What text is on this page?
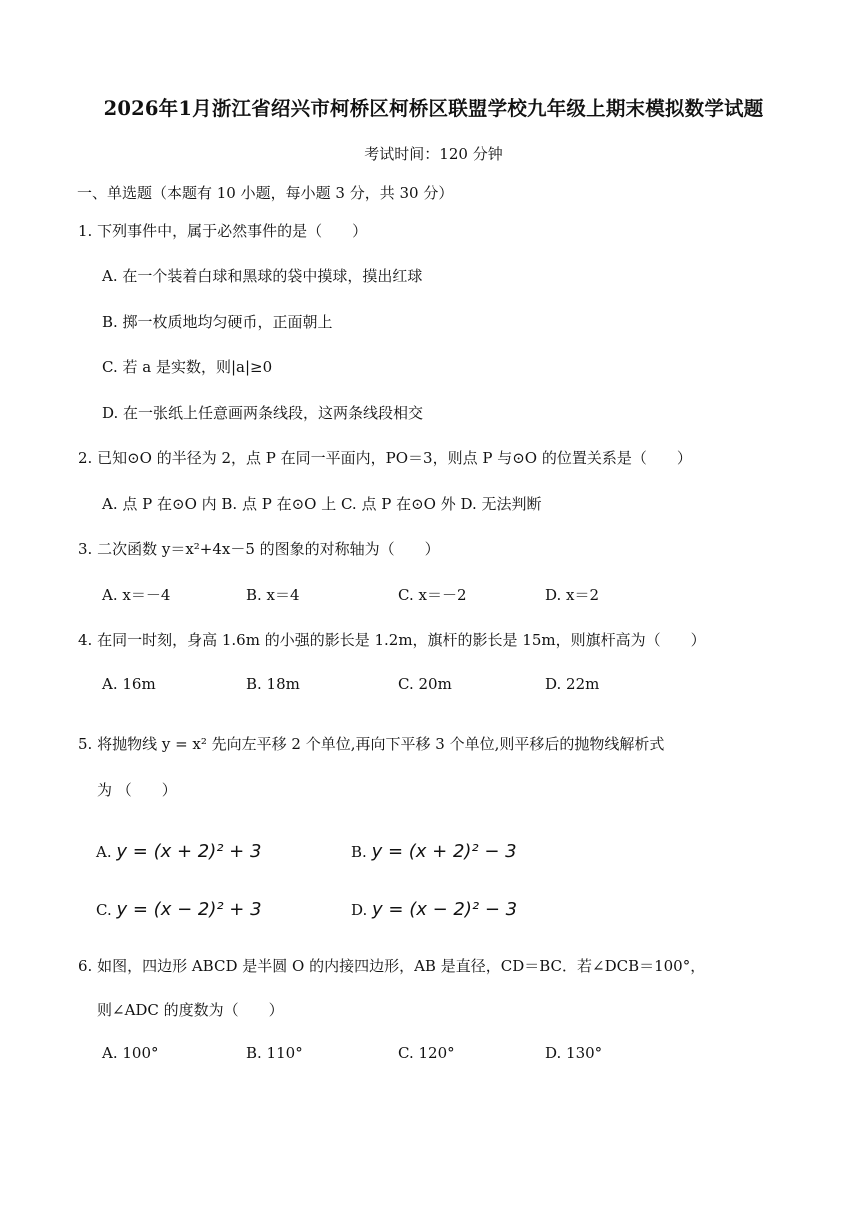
2026年1月浙江省绍兴市柯桥区柯桥区联盟学校九年级上期末模拟数学试题
考试时间：120 分钟
一、单选题（本题有 10 小题，每小题 3 分，共 30 分）
1. 下列事件中，属于必然事件的是（　　）
A. 在一个装着白球和黑球的袋中摸球，摸出红球
B. 掷一枚质地均匀硬币，正面朝上
C. 若 a 是实数，则|a|≥0
D. 在一张纸上任意画两条线段，这两条线段相交
2. 已知⊙O 的半径为 2，点 P 在同一平面内，PO＝3，则点 P 与⊙O 的位置关系是（　　）
A. 点 P 在⊙O 内 B. 点 P 在⊙O 上 C. 点 P 在⊙O 外 D. 无法判断
3. 二次函数 y＝x²+4x－5 的图象的对称轴为（　　）
A. x＝－4	B. x＝4	C. x＝－2	D. x＝2
4. 在同一时刻，身高 1.6m 的小强的影长是 1.2m，旗杆的影长是 15m，则旗杆高为（　　）
A. 16m	B. 18m	C. 20m	D. 22m
5. 将抛物线 y = x² 先向左平移 2 个单位,再向下平移 3 个单位,则平移后的抛物线解析式
为 （　　）
A. y = (x + 2)² + 3	B. y = (x + 2)² − 3
C. y = (x − 2)² + 3	D. y = (x − 2)² − 3
6. 如图，四边形 ABCD 是半圆 O 的内接四边形，AB 是直径，CD＝BC．若∠DCB＝100°，
则∠ADC 的度数为（　　）
A. 100°	B. 110°	C. 120°	D. 130°
